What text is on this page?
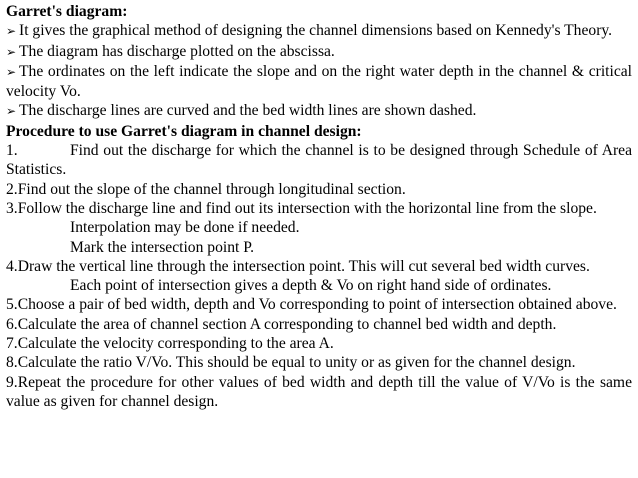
Garret's diagram:

➢ It gives the graphical method of designing the channel dimensions based on Kennedy's Theory.

➢ The diagram has discharge plotted on the abscissa.

➢ The ordinates on the left indicate the slope and on the right water depth in the channel & critical velocity Vo.

➢ The discharge lines are curved and the bed width lines are shown dashed.

Procedure to use Garret's diagram in channel design:

1.	Find out the discharge for which the channel is to be designed through Schedule of Area Statistics.

2.Find out the slope of the channel through longitudinal section.

3.Follow the discharge line and find out its intersection with the horizontal line from the slope.

Interpolation may be done if needed.

Mark the intersection point P.

4.Draw the vertical line through the intersection point. This will cut several bed width curves.

Each point of intersection gives a depth & Vo on right hand side of ordinates.

5.Choose a pair of bed width, depth and Vo corresponding to point of intersection obtained above.

6.Calculate the area of channel section A corresponding to channel bed width and depth.

7.Calculate the velocity corresponding to the area A.

8.Calculate the ratio V/Vo. This should be equal to unity or as given for the channel design.

9.Repeat the procedure for other values of bed width and depth till the value of V/Vo is the same value as given for channel design.
